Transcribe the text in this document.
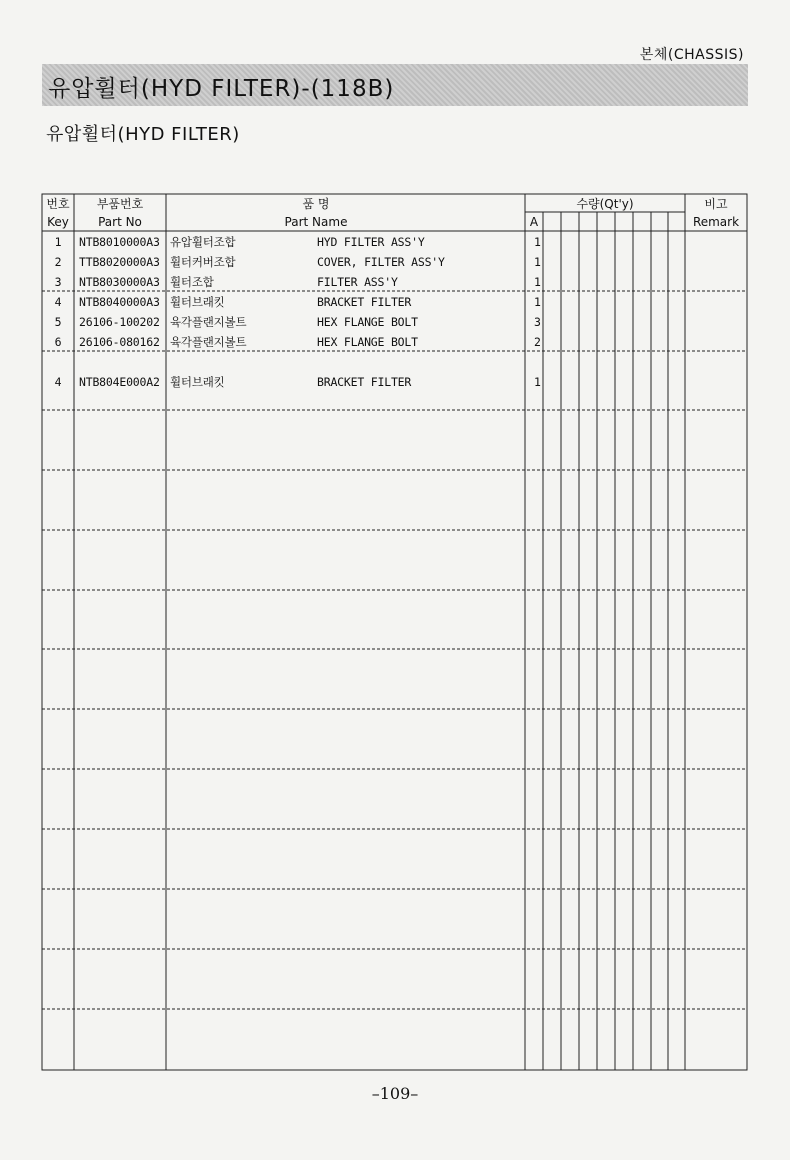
본체(CHASSIS)
유압휠터(HYD FILTER)-(118B)
유압휠터(HYD FILTER)
번호
Key
부품번호
Part No
품 명
Part Name
수량(Qt'y)
A
비고
Remark
1	NTB8010000A3 유압휠터조합	HYD FILTER ASS'Y	1
2	TTB8020000A3 휠터커버조합	COVER, FILTER ASS'Y	1
3	NTB8030000A3 휠터조합	FILTER ASS'Y	1
4	NTB8040000A3 휠터브래킷	BRACKET FILTER	1
5	26106-100202 육각플랜지볼트	HEX FLANGE BOLT	3
6	26106-080162 육각플랜지볼트	HEX FLANGE BOLT	2
4	NTB804E000A2 휠터브래킷	BRACKET FILTER	1
–109–
